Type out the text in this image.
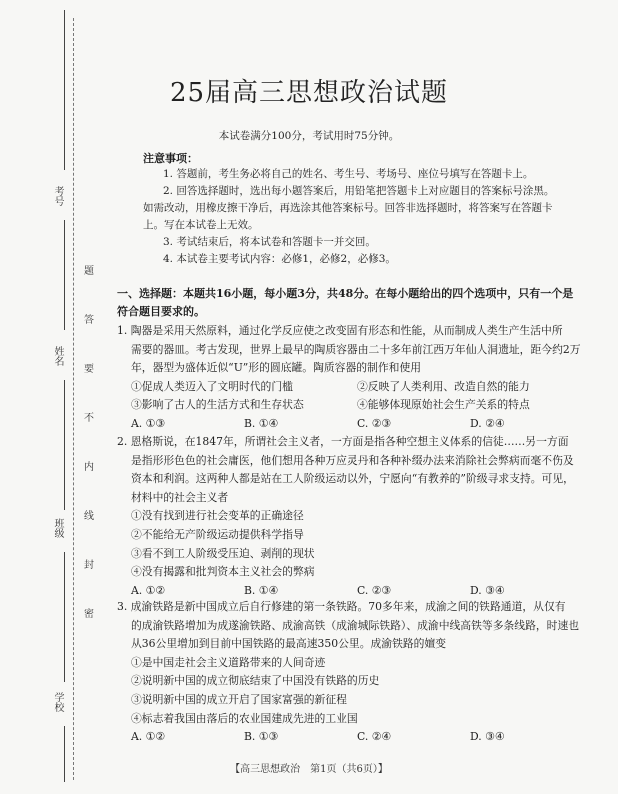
考号
姓名
班级
学校
题
答
要
不
内
线
封
密
25届高三思想政治试题
本试卷满分100分，考试用时75分钟。
注意事项：

1. 答题前，考生务必将自己的姓名、考生号、考场号、座位号填写在答题卡上。

2. 回答选择题时，选出每小题答案后，用铅笔把答题卡上对应题目的答案标号涂黑。如需改动，用橡皮擦干净后，再选涂其他答案标号。回答非选择题时，将答案写在答题卡上。写在本试卷上无效。

3. 考试结束后，将本试卷和答题卡一并交回。

4. 本试卷主要考试内容：必修1，必修2，必修3。

一、选择题：本题共16小题，每小题3分，共48分。在每小题给出的四个选项中，只有一个是符合题目要求的。

1. 陶器是采用天然原料，通过化学反应使之改变固有形态和性能，从而制成人类生产生活中所

需要的器皿。考古发现，世界上最早的陶质容器由二十多年前江西万年仙人洞遗址，距今约2万年，器型为盛体近似“U”形的圆底罐。陶质容器的制作和使用

①促成人类迈入了文明时代的门槛	②反映了人类利用、改造自然的能力
③影响了古人的生活方式和生存状态	④能够体现原始社会生产关系的特点
A. ①③	B. ①④	C. ②③	D. ②④

2. 恩格斯说，在1847年，所谓社会主义者，一方面是指各种空想主义体系的信徒……另一方面

是指形形色色的社会庸医，他们想用各种万应灵丹和各种补缀办法来消除社会弊病而毫不伤及资本和利润。这两种人都是站在工人阶级运动以外，宁愿向“有教养的”阶级寻求支持。可见，材料中的社会主义者

①没有找到进行社会变革的正确途径

②不能给无产阶级运动提供科学指导

③看不到工人阶级受压迫、剥削的现状

④没有揭露和批判资本主义社会的弊病

A. ①②	B. ①④	C. ②③	D. ③④

3. 成渝铁路是新中国成立后自行修建的第一条铁路。70多年来，成渝之间的铁路通道，从仅有

的成渝铁路增加为成遂渝铁路、成渝高铁（成渝城际铁路）、成渝中线高铁等多条线路，时速也从36公里增加到目前中国铁路的最高速350公里。成渝铁路的嬗变

①是中国走社会主义道路带来的人间奇迹

②说明新中国的成立彻底结束了中国没有铁路的历史

③说明新中国的成立开启了国家富强的新征程

④标志着我国由落后的农业国建成先进的工业国

A. ①②	B. ①③	C. ②④	D. ③④
【高三思想政治　第1页（共6页）】
